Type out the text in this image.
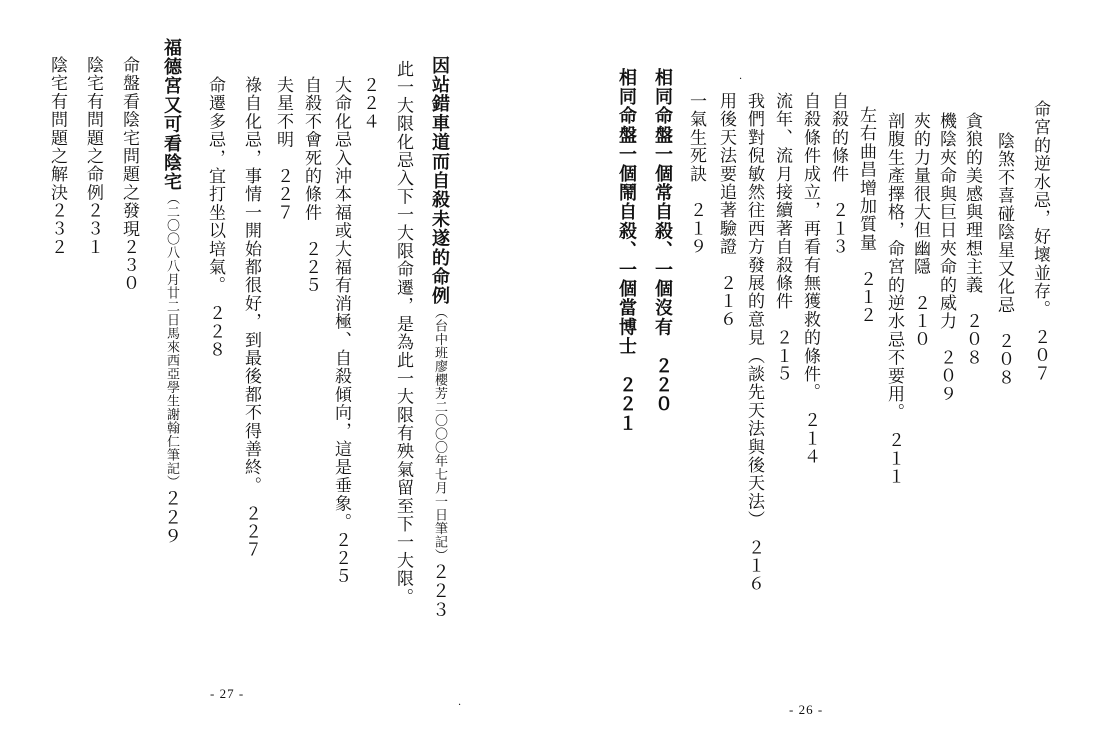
因站錯車道而自殺未遂的命例（台中班廖櫻芳二〇〇〇年七月一日筆記）２２３
此一大限化忌入下一大限命遷，是為此一大限有殃氣留至下一大限。
２２４
大命化忌入沖本福或大福有消極、自殺傾向，這是垂象。２２５
自殺不會死的條件　２２５
夫星不明　２２７
祿自化忌，事情一開始都很好，到最後都不得善終。　２２７
命遷多忌，宜打坐以培氣。　２２８
福德宮又可看陰宅（二〇〇八八月廿二日馬來西亞學生謝翰仁筆記）２２９
命盤看陰宅問題之發現２３０
陰宅有問題之命例２３１
陰宅有問題之解決２３２
- 27 -
·
命宮的逆水忌，好壞並存。　２０７
陰煞不喜碰陰星又化忌　２０８
貪狼的美感與理想主義　２０８
機陰夾命與巨日夾命的威力　２０９
夾的力量很大但幽隱　２１０
剖腹生產擇格，命宮的逆水忌不要用。　２１１
左右曲昌增加質量　２１２
自殺的條件　２１３
自殺條件成立，再看有無獲救的條件。　２１４
流年、流月接續著自殺條件　２１５
我們對倪敏然往西方發展的意見（談先天法與後天法）　２１６
用後天法要追著驗證　２１６
一氣生死訣　２１９
相同命盤一個常自殺、一個沒有　２２０
相同命盤一個鬧自殺、一個當博士　２２１
- 26 -
·
